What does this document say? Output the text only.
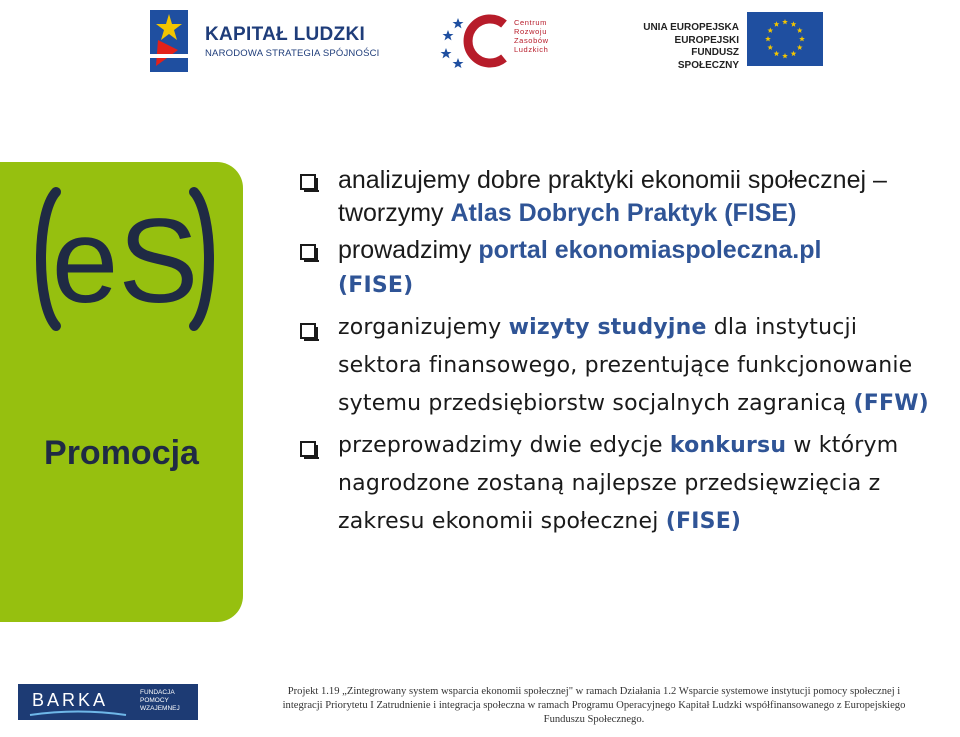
KAPITAŁ LUDZKI
NARODOWA STRATEGIA SPÓJNOŚCI
Centrum
Rozwoju
Zasobów
Ludzkich
UNIA EUROPEJSKA
EUROPEJSKI
FUNDUSZ SPOŁECZNY
eS
Promocja
analizujemy dobre praktyki ekonomii społecznej – tworzymy Atlas Dobrych Praktyk (FISE)
prowadzimy portal ekonomiaspoleczna.pl
(FISE)
zorganizujemy wizyty studyjne dla instytucji sektora finansowego, prezentujące funkcjonowanie sytemu przedsiębiorstw socjalnych zagranicą (FFW)
przeprowadzimy dwie edycje konkursu w którym nagrodzone zostaną najlepsze przedsięwzięcia z zakresu ekonomii społecznej (FISE)
BARKA	FUNDACJA
POMOCY
WZAJEMNEJ
Projekt 1.19 „Zintegrowany system wsparcia ekonomii społecznej" w ramach Działania 1.2 Wsparcie systemowe instytucji pomocy społecznej i
integracji Priorytetu I Zatrudnienie i integracja społeczna w ramach Programu Operacyjnego Kapitał Ludzki współfinansowanego z Europejskiego
Funduszu Społecznego.
